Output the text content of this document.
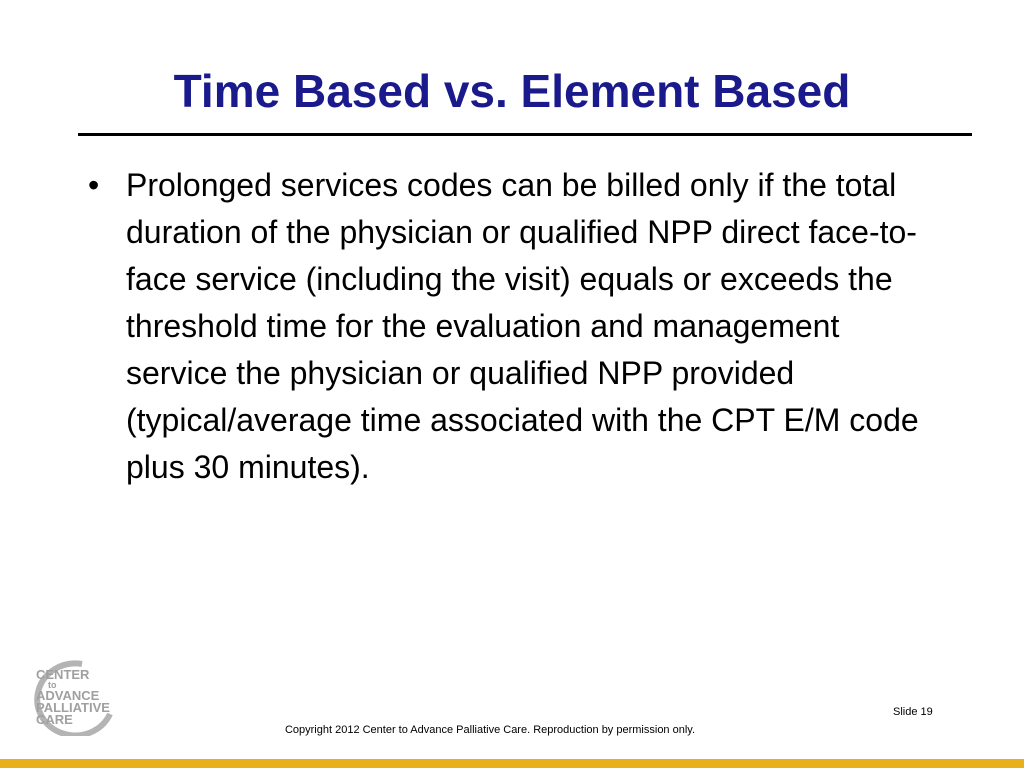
Time Based vs. Element Based
• Prolonged services codes can be billed only if the total duration of the physician or qualified NPP direct face-to-face service (including the visit) equals or exceeds the threshold time for the evaluation and management service the physician or qualified NPP provided (typical/average time associated with the CPT E/M code plus 30 minutes).
CENTER
to
ADVANCE
PALLIATIVE
CARE	Slide 19
Copyright 2012 Center to Advance Palliative Care. Reproduction by permission only.
